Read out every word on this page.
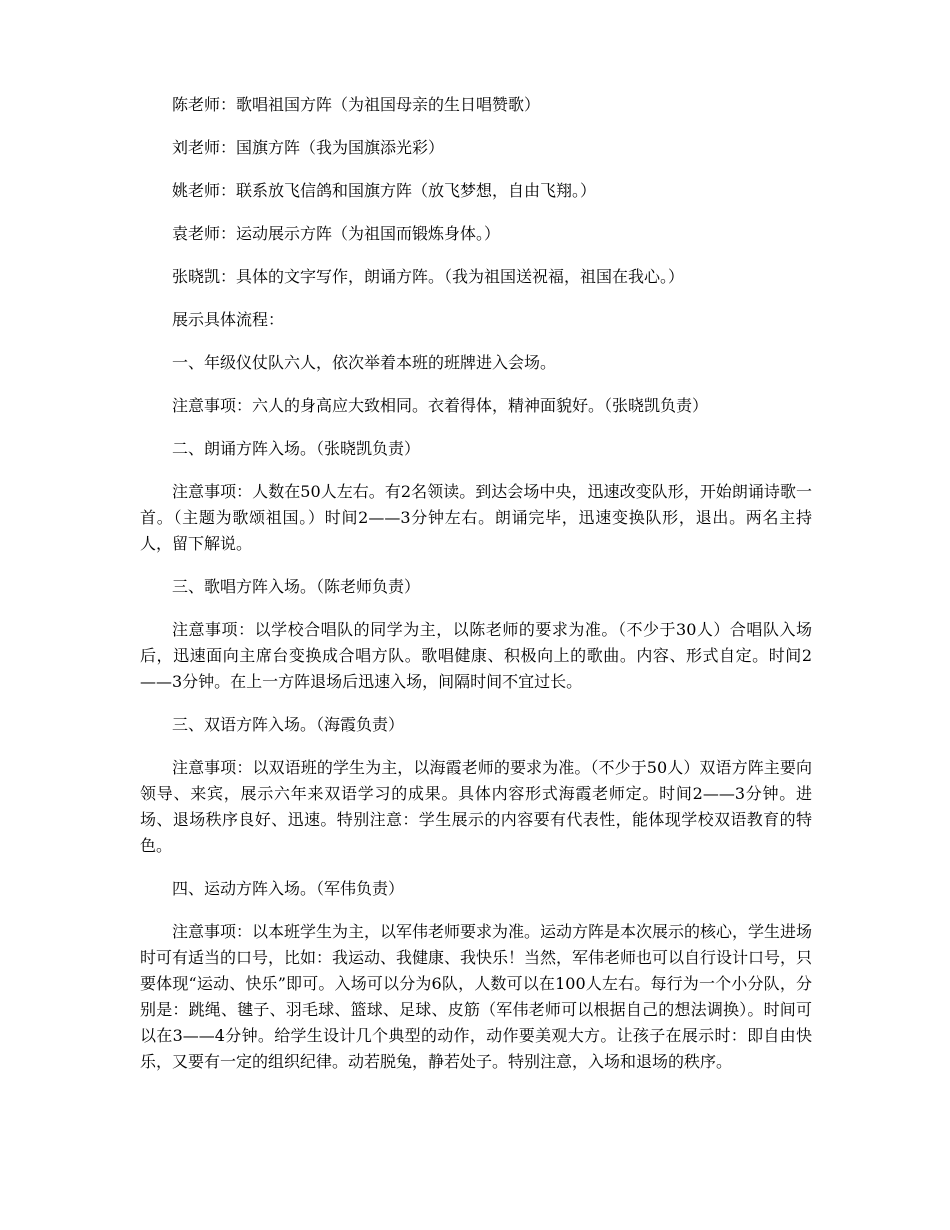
陈老师：歌唱祖国方阵（为祖国母亲的生日唱赞歌）

刘老师：国旗方阵（我为国旗添光彩）

姚老师：联系放飞信鸽和国旗方阵（放飞梦想，自由飞翔。）

袁老师：运动展示方阵（为祖国而锻炼身体。）

张晓凯：具体的文字写作，朗诵方阵。（我为祖国送祝福，祖国在我心。）

展示具体流程：

一、年级仪仗队六人，依次举着本班的班牌进入会场。

注意事项：六人的身高应大致相同。衣着得体，精神面貌好。（张晓凯负责）

二、朗诵方阵入场。（张晓凯负责）

注意事项：人数在50人左右。有2名领读。到达会场中央，迅速改变队形，开始朗诵诗歌一首。（主题为歌颂祖国。）时间2——3分钟左右。朗诵完毕，迅速变换队形，退出。两名主持人，留下解说。

三、歌唱方阵入场。（陈老师负责）

注意事项：以学校合唱队的同学为主，以陈老师的要求为准。（不少于30人）合唱队入场后，迅速面向主席台变换成合唱方队。歌唱健康、积极向上的歌曲。内容、形式自定。时间2——3分钟。在上一方阵退场后迅速入场，间隔时间不宜过长。

三、双语方阵入场。（海霞负责）

注意事项：以双语班的学生为主，以海霞老师的要求为准。（不少于50人）双语方阵主要向领导、来宾，展示六年来双语学习的成果。具体内容形式海霞老师定。时间2——3分钟。进场、退场秩序良好、迅速。特别注意：学生展示的内容要有代表性，能体现学校双语教育的特色。

四、运动方阵入场。（军伟负责）

注意事项：以本班学生为主，以军伟老师要求为准。运动方阵是本次展示的核心，学生进场时可有适当的口号，比如：我运动、我健康、我快乐！当然，军伟老师也可以自行设计口号，只要体现“运动、快乐”即可。入场可以分为6队，人数可以在100人左右。每行为一个小分队，分别是：跳绳、毽子、羽毛球、篮球、足球、皮筋（军伟老师可以根据自己的想法调换）。时间可以在3——4分钟。给学生设计几个典型的动作，动作要美观大方。让孩子在展示时：即自由快乐，又要有一定的组织纪律。动若脱兔，静若处子。特别注意，入场和退场的秩序。
